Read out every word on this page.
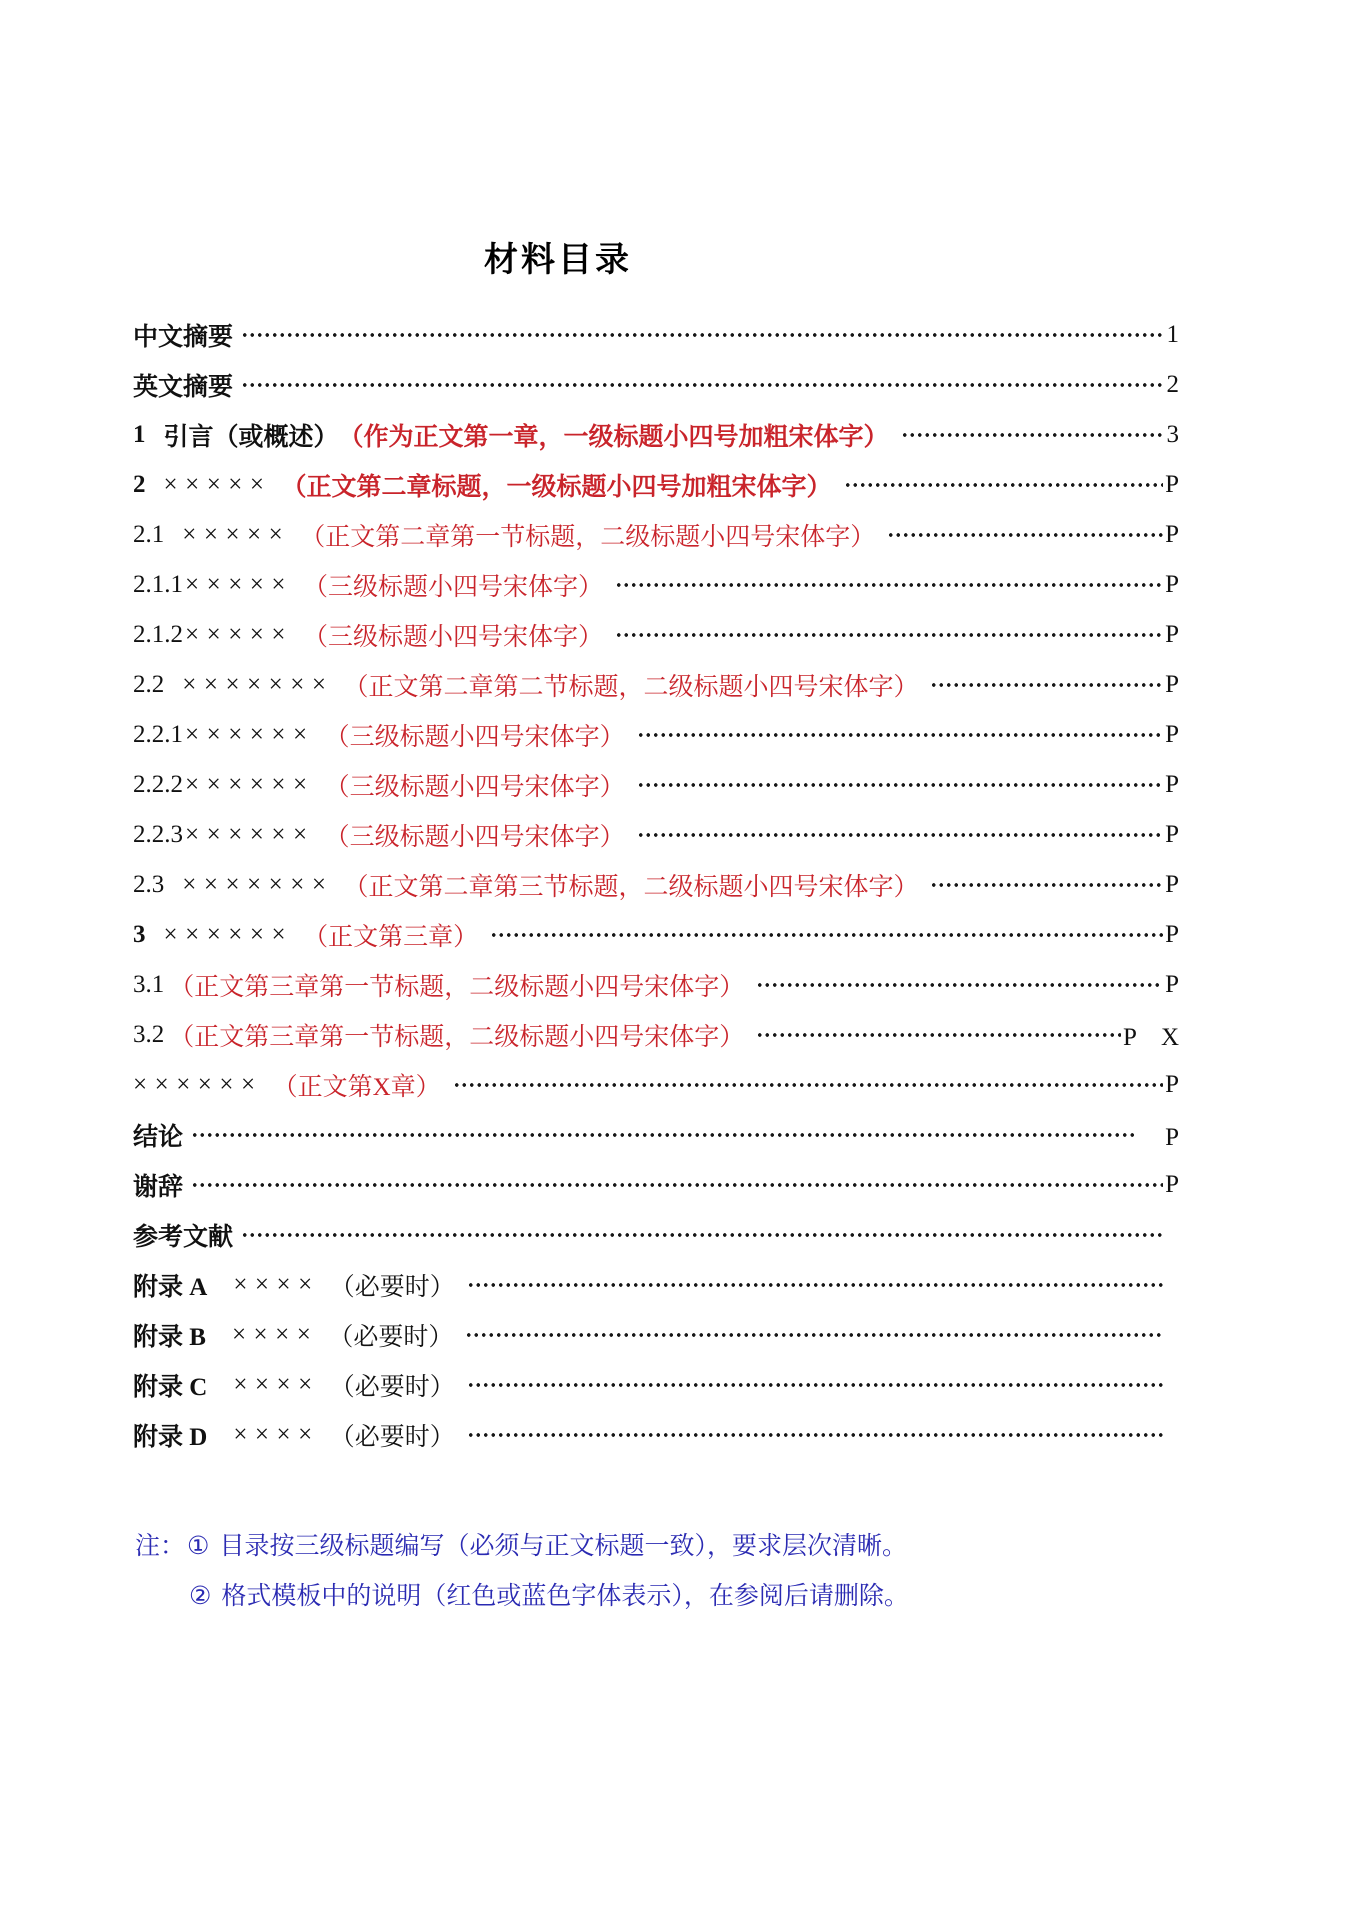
材料目录
中文摘要	1
英文摘要	2
1 引言（或概述） （作为正文第一章，一级标题小四号加粗宋体字）	3
2 ××××× （正文第二章标题，一级标题小四号加粗宋体字）	P
2.1 ××××× （正文第二章第一节标题，二级标题小四号宋体字）	P
2.1.1 ××××× （三级标题小四号宋体字）	P
2.1.2 ××××× （三级标题小四号宋体字）	P
2.2 ××××××× （正文第二章第二节标题，二级标题小四号宋体字）	P
2.2.1 ×××××× （三级标题小四号宋体字）	P
2.2.2 ×××××× （三级标题小四号宋体字）	P
2.2.3 ×××××× （三级标题小四号宋体字）	P
2.3 ××××××× （正文第二章第三节标题，二级标题小四号宋体字）	P
3 ×××××× （正文第三章）	P
3.1 （正文第三章第一节标题，二级标题小四号宋体字）	P
3.2 （正文第三章第一节标题，二级标题小四号宋体字）	P　X
×××××× （正文第X章）	P
结论	　P
谢辞	P
参考文献
附录 A ×××× （必要时）
附录 B ×××× （必要时）
附录 C ×××× （必要时）
附录 D ×××× （必要时）
注：① 目录按三级标题编写（必须与正文标题一致），要求层次清晰。
② 格式模板中的说明（红色或蓝色字体表示），在参阅后请删除。
